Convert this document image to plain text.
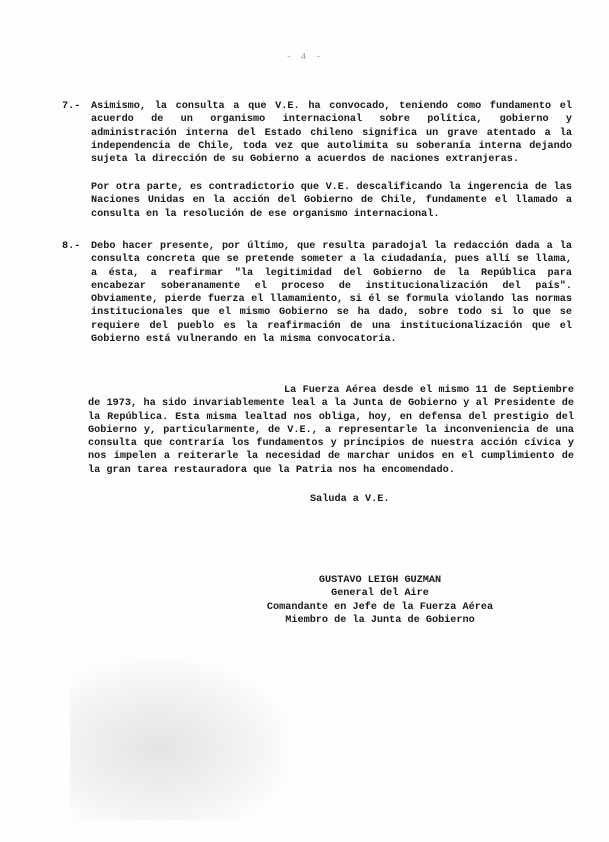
- 4 -
7.- Asimismo, la consulta a que V.E. ha convocado, teniendo como fundamento el acuerdo de un organismo internacional sobre política, gobierno y administración interna del Estado chileno significa un grave atentado a la independencia de Chile, toda vez que autolimita su soberanía interna dejando sujeta la dirección de su Gobierno a acuerdos de naciones extranjeras.

Por otra parte, es contradictorio que V.E. descalificando la ingerencia de las Naciones Unidas en la acción del Gobierno de Chile, fundamente el llamado a consulta en la resolución de ese organismo internacional.

8.- Debo hacer presente, por último, que resulta paradojal la redacción dada a la consulta concreta que se pretende someter a la ciudadanía, pues allí se llama, a ésta, a reafirmar "la legitimidad del Gobierno de la República para encabezar soberanamente el proceso de institucionalización del país". Obviamente, pierde fuerza el llamamiento, si él se formula violando las normas institucionales que el mismo Gobierno se ha dado, sobre todo si lo que se requiere del pueblo es la reafirmación de una institucionalización que el Gobierno está vulnerando en la misma convocatoria.

La Fuerza Aérea desde el mismo 11 de Septiembre de 1973, ha sido invariablemente leal a la Junta de Gobierno y al Presidente de la República. Esta misma lealtad nos obliga, hoy, en defensa del prestigio del Gobierno y, particularmente, de V.E., a representarle la inconveniencia de una consulta que contraría los fundamentos y principios de nuestra acción cívica y nos impelen a reiterarle la necesidad de marchar unidos en el cumplimiento de la gran tarea restauradora que la Patria nos ha encomendado.

Saluda a V.E.
GUSTAVO LEIGH GUZMAN
General del Aire
Comandante en Jefe de la Fuerza Aérea
Miembro de la Junta de Gobierno
